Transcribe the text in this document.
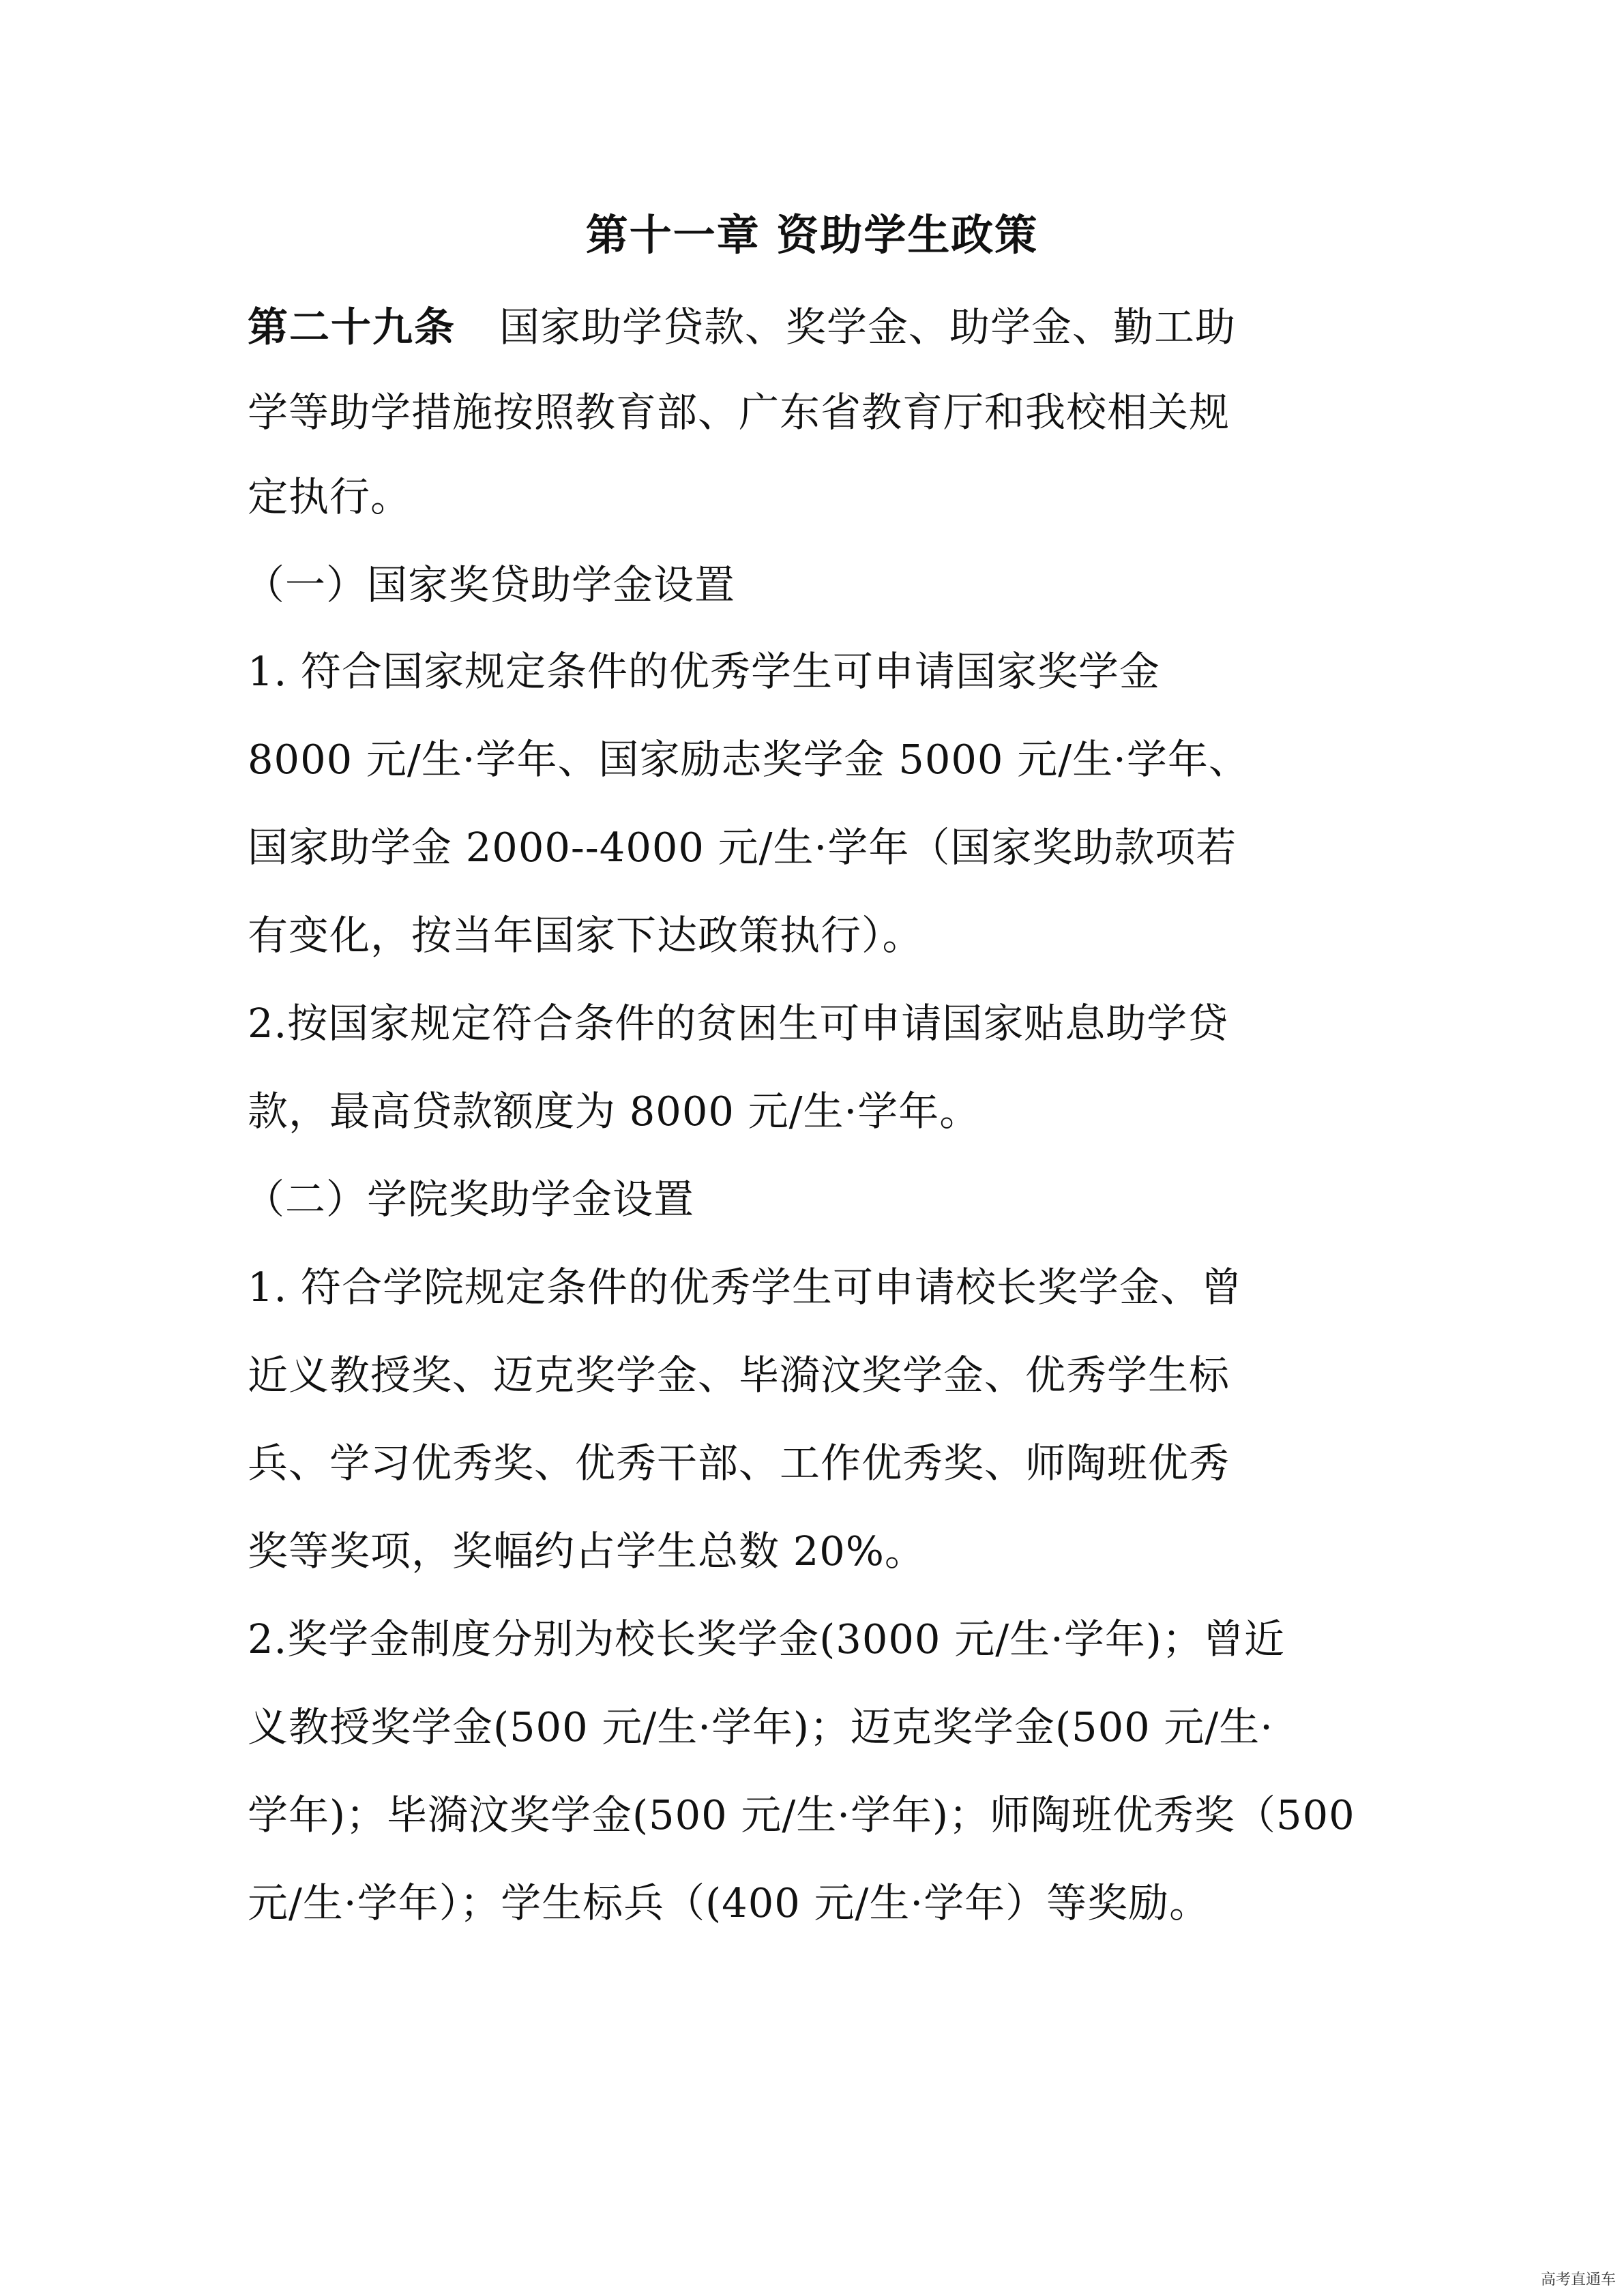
第十一章 资助学生政策

第二十九条 国家助学贷款、奖学金、助学金、勤工助

学等助学措施按照教育部、广东省教育厅和我校相关规

定执行。

（一）国家奖贷助学金设置

1. 符合国家规定条件的优秀学生可申请国家奖学金

8000 元/生·学年、国家励志奖学金 5000 元/生·学年、

国家助学金 2000--4000 元/生·学年（国家奖助款项若

有变化，按当年国家下达政策执行）。

2.按国家规定符合条件的贫困生可申请国家贴息助学贷

款，最高贷款额度为 8000 元/生·学年。

（二）学院奖助学金设置

1. 符合学院规定条件的优秀学生可申请校长奖学金、曾

近义教授奖、迈克奖学金、毕漪汶奖学金、优秀学生标

兵、学习优秀奖、优秀干部、工作优秀奖、师陶班优秀

奖等奖项，奖幅约占学生总数 20%。

2.奖学金制度分别为校长奖学金(3000 元/生·学年)；曾近

义教授奖学金(500 元/生·学年)；迈克奖学金(500 元/生·

学年)；毕漪汶奖学金(500 元/生·学年)；师陶班优秀奖（500

元/生·学年）；学生标兵（(400 元/生·学年）等奖励。

高考直通车
